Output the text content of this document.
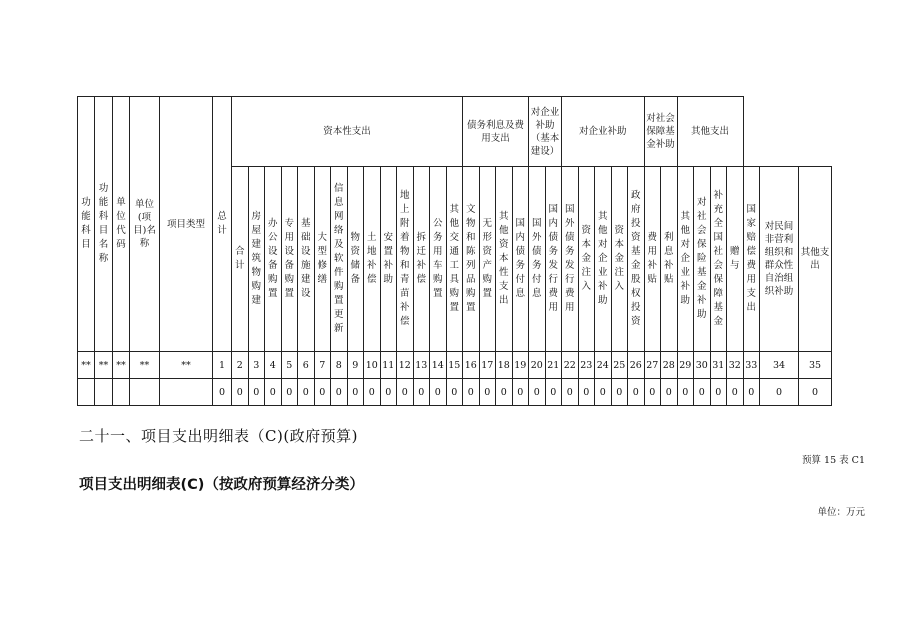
功能科目	功能科目名称	单位代码	单位(项目)名称	项目类型	总计	资本性支出														债务利息及费用支出				对企业补助（基本建设）		对企业补助					对社会保障基金补助		其他支出						
						合计	房屋建筑物购建	办公设备购置	专用设备购置	基础设施建设	大型修缮	信息网络及软件购置更新	物资储备	土地补偿	安置补助	地上附着物和青苗补偿	拆迁补偿	公务用车购置	其他交通工具购置	文物和陈列品购置	无形资产购置	其他资本性支出	国内债务付息	国外债务付息	国内债务发行费用	国外债务发行费用	资本金注入	其他对企业补助	资本金注入	政府投资基金股权投资	费用补贴	利息补贴	其他对企业补助	对社会保险基金补助	补充全国社会保障基金	赠与	国家赔偿费用支出	对民间非营利组织和群众性自治组织补助	其他支出
**	**	**	**	**	1	2	3	4	5	6	7	8	9	10	11	12	13	14	15	16	17	18	19	20	21	22	23	24	25	26	27	28	29	30	31	32	33	34	35
					0	0	0	0	0	0	0	0	0	0	0	0	0	0	0	0	0	0	0	0	0	0	0	0	0	0	0	0	0	0	0	0	0	0	0
二十一、项目支出明细表（C)(政府预算)
预算 15 表 C1
项目支出明细表(C)（按政府预算经济分类）
单位：万元
